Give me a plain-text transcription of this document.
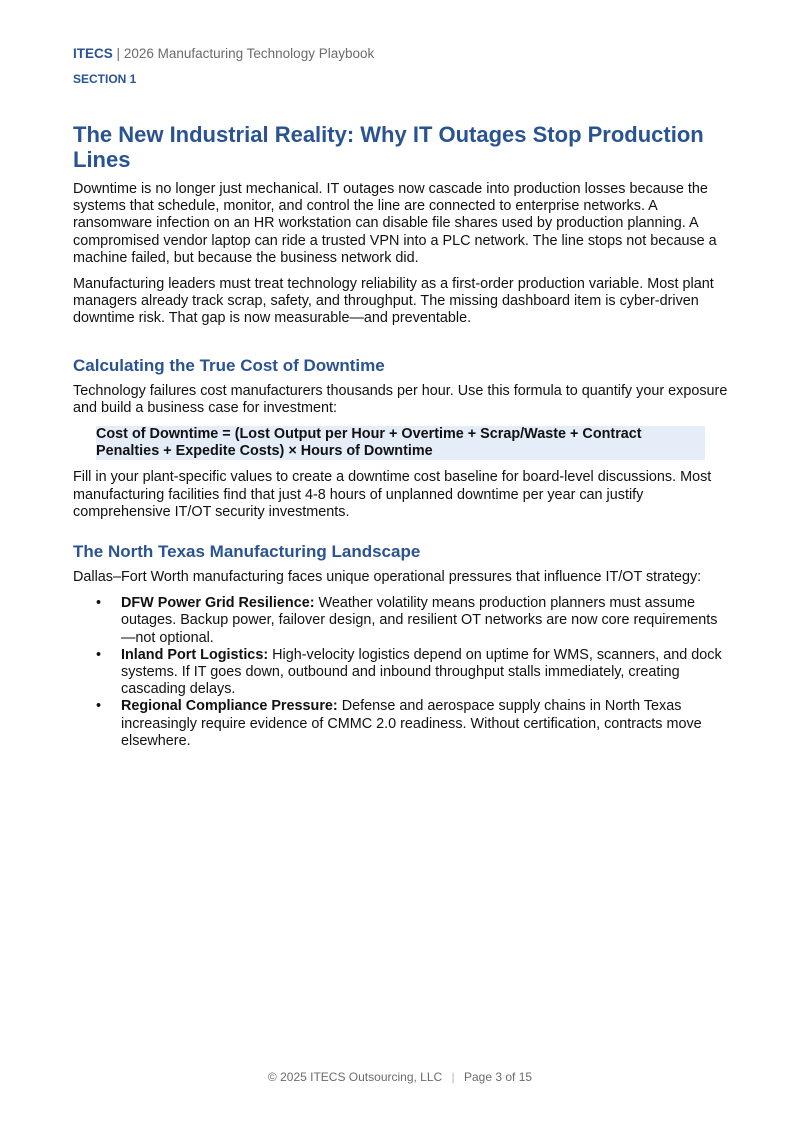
ITECS | 2026 Manufacturing Technology Playbook
SECTION 1
The New Industrial Reality: Why IT Outages Stop Production Lines

Downtime is no longer just mechanical. IT outages now cascade into production losses because the systems that schedule, monitor, and control the line are connected to enterprise networks. A ransomware infection on an HR workstation can disable file shares used by production planning. A compromised vendor laptop can ride a trusted VPN into a PLC network. The line stops not because a machine failed, but because the business network did.

Manufacturing leaders must treat technology reliability as a first-order production variable. Most plant managers already track scrap, safety, and throughput. The missing dashboard item is cyber-driven downtime risk. That gap is now measurable—and preventable.

Calculating the True Cost of Downtime

Technology failures cost manufacturers thousands per hour. Use this formula to quantify your exposure and build a business case for investment:

Cost of Downtime = (Lost Output per Hour + Overtime + Scrap/Waste + Contract Penalties + Expedite Costs) × Hours of Downtime

Fill in your plant-specific values to create a downtime cost baseline for board-level discussions. Most manufacturing facilities find that just 4-8 hours of unplanned downtime per year can justify comprehensive IT/OT security investments.

The North Texas Manufacturing Landscape

Dallas–Fort Worth manufacturing faces unique operational pressures that influence IT/OT strategy:

• DFW Power Grid Resilience: Weather volatility means production planners must assume outages. Backup power, failover design, and resilient OT networks are now core requirements—not optional.
• Inland Port Logistics: High-velocity logistics depend on uptime for WMS, scanners, and dock systems. If IT goes down, outbound and inbound throughput stalls immediately, creating cascading delays.
• Regional Compliance Pressure: Defense and aerospace supply chains in North Texas increasingly require evidence of CMMC 2.0 readiness. Without certification, contracts move elsewhere.
© 2025 ITECS Outsourcing, LLC | Page 3 of 15
